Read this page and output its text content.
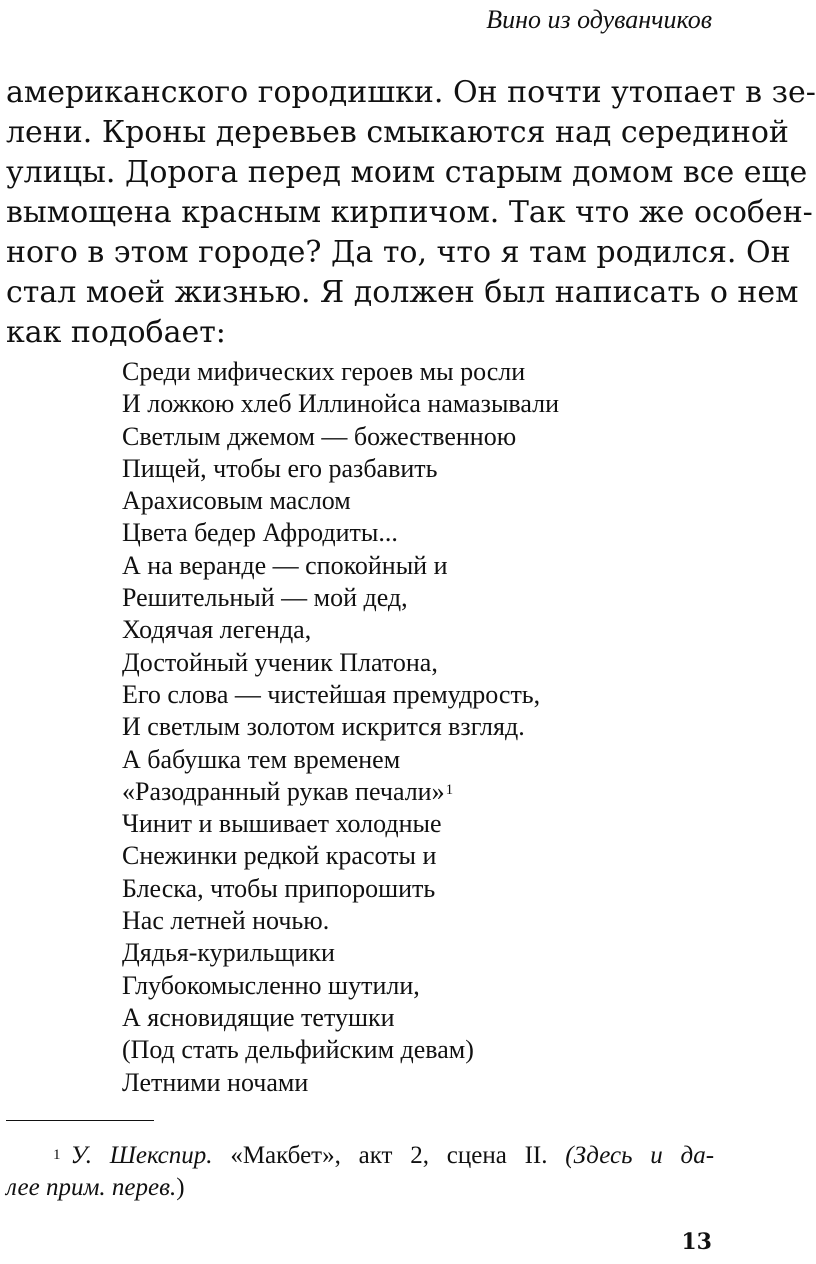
Вино из одуванчиков
американского городишки. Он почти утопает в зе-
лени. Кроны деревьев смыкаются над серединой
улицы. Дорога перед моим старым домом все еще
вымощена красным кирпичом. Так что же особен-
ного в этом городе? Да то, что я там родился. Он
стал моей жизнью. Я должен был написать о нем
как подобает:
Среди мифических героев мы росли
И ложкою хлеб Иллинойса намазывали
Светлым джемом — божественною
Пищей, чтобы его разбавить
Арахисовым маслом
Цвета бедер Афродиты...
А на веранде — спокойный и
Решительный — мой дед,
Ходячая легенда,
Достойный ученик Платона,
Его слова — чистейшая премудрость,
И светлым золотом искрится взгляд.
А бабушка тем временем
«Разодранный рукав печали»$^1$
Чинит и вышивает холодные
Снежинки редкой красоты и
Блеска, чтобы припорошить
Нас летней ночью.
Дядья-курильщики
Глубокомысленно шутили,
А ясновидящие тетушки
(Под стать дельфийским девам)
Летними ночами
$^1$ У. Шекспир. «Макбет», акт 2, сцена II. (Здесь и да-
лее прим. перев.)
13
